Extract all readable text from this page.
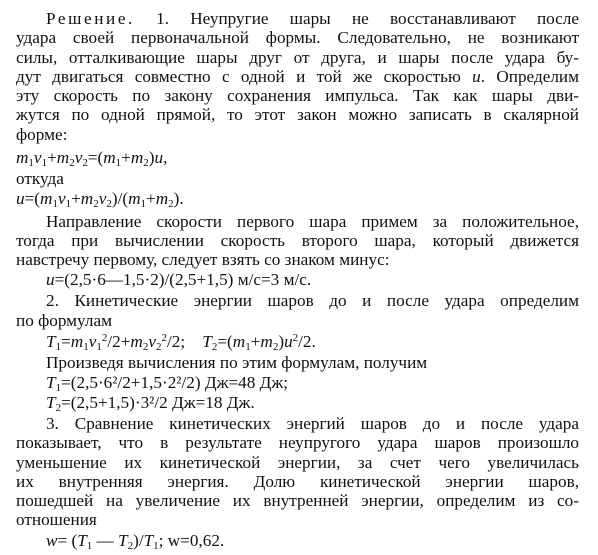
Решение. 1. Неупругие шары не восстанавливают после
удара своей первоначальной формы. Следовательно, не возникают
силы, отталкивающие шары друг от друга, и шары после удара бу-
дут двигаться совместно с одной и той же скоростью u. Определим
эту скорость по закону сохранения импульса. Так как шары дви-
жутся по одной прямой, то этот закон можно записать в скалярной
форме:
$m_1v_1+m_2v_2=(m_1+m_2)u$,
откуда
$u=(m_1v_1+m_2v_2)/(m_1+m_2)$.
Направление скорости первого шара примем за положительное,
тогда при вычислении скорость второго шара, который движется
навстречу первому, следует взять со знаком минус:
u=(2,5·6—1,5·2)/(2,5+1,5) м/с=3 м/с.
2. Кинетические энергии шаров до и после удара определим
по формулам
$T_1=m_1v_1^2/2+m_2v_2^2/2$;    $T_2=(m_1+m_2)u^2/2$.
Произведя вычисления по этим формулам, получим
$T_1=(2,5\cdot 6^2/2+1,5\cdot 2^2/2)$ Дж=48 Дж;
$T_2=(2,5+1,5)\cdot 3^2/2$ Дж=18 Дж.
3. Сравнение кинетических энергий шаров до и после удара
показывает, что в результате неупругого удара шаров произошло
уменьшение их кинетической энергии, за счет чего увеличилась
их внутренняя энергия. Долю кинетической энергии шаров,
пошедшей на увеличение их внутренней энергии, определим из со-
отношения
$w= (T_1$ — $T_2)/T_1$; w=0,62.
